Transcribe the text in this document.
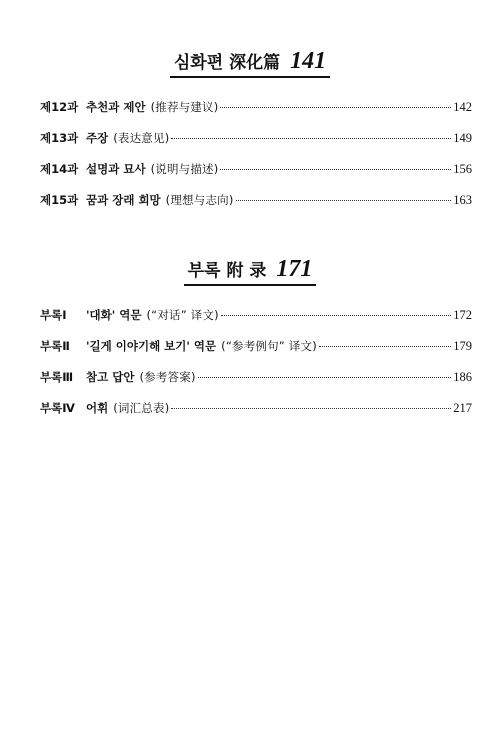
심화편 深化篇 141
제12과 추천과 제안 (推荐与建议)	142
제13과 주장 (表达意见)	149
제14과 설명과 묘사 (说明与描述)	156
제15과 꿈과 장래 희망 (理想与志向)	163
부록 附 录 171
부록Ⅰ	'대화' 역문 (“对话” 译文)	172
부록Ⅱ	'길게 이야기해 보기' 역문 (“参考例句” 译文)	179
부록Ⅲ	참고 답안 (参考答案)	186
부록Ⅳ 어휘 (词汇总表)	217
